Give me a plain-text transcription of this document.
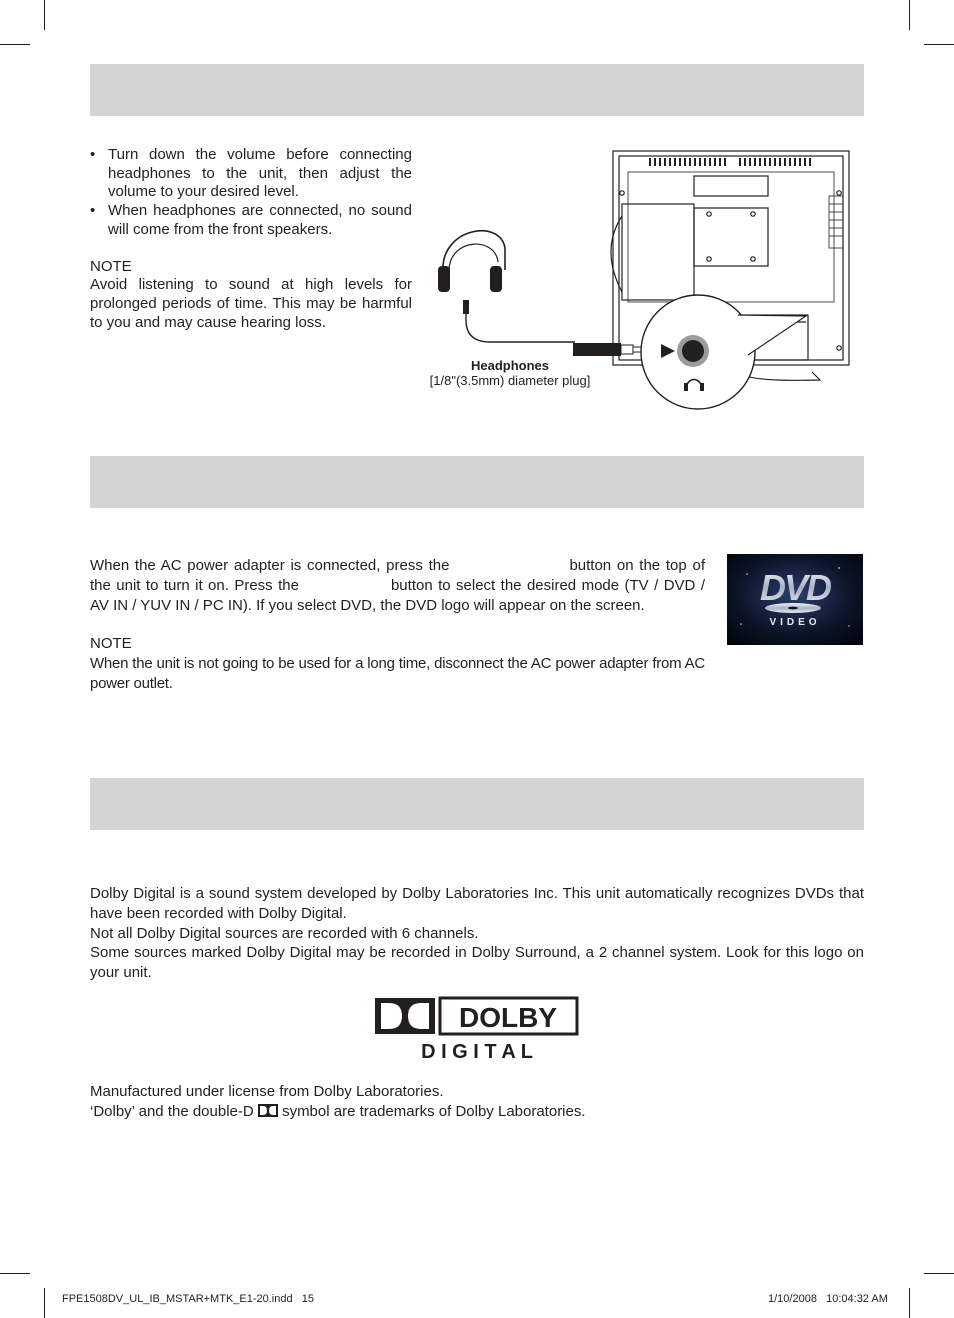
• Turn down the volume before connecting headphones to the unit, then adjust the volume to your desired level.
• When headphones are connected, no sound will come from the front speakers.

NOTE

Avoid listening to sound at high levels for prolonged periods of time. This may be harmful to you and may cause hearing loss.

Headphones
[1/8"(3.5mm) diameter plug]

When the AC power adapter is connected, press the	button on the top of the unit to turn it on. Press the	button to select the desired mode (TV / DVD / AV IN / YUV IN / PC IN). If you select DVD, the DVD logo will appear on the screen.

NOTE

When the unit is not going to be used for a long time, disconnect the AC power adapter from AC power outlet.

DVD
VIDEO

Dolby Digital is a sound system developed by Dolby Laboratories Inc. This unit automatically recognizes DVDs that have been recorded with Dolby Digital.

Not all Dolby Digital sources are recorded with 6 channels.

Some sources marked Dolby Digital may be recorded in Dolby Surround, a 2 channel system. Look for this logo on your unit.

DOLBY
D I G I T A L

Manufactured under license from Dolby Laboratories.

‘Dolby’ and the double-D symbol are trademarks of Dolby Laboratories.

FPE1508DV_UL_IB_MSTAR+MTK_E1-20.indd   15	1/10/2008   10:04:32 AM
